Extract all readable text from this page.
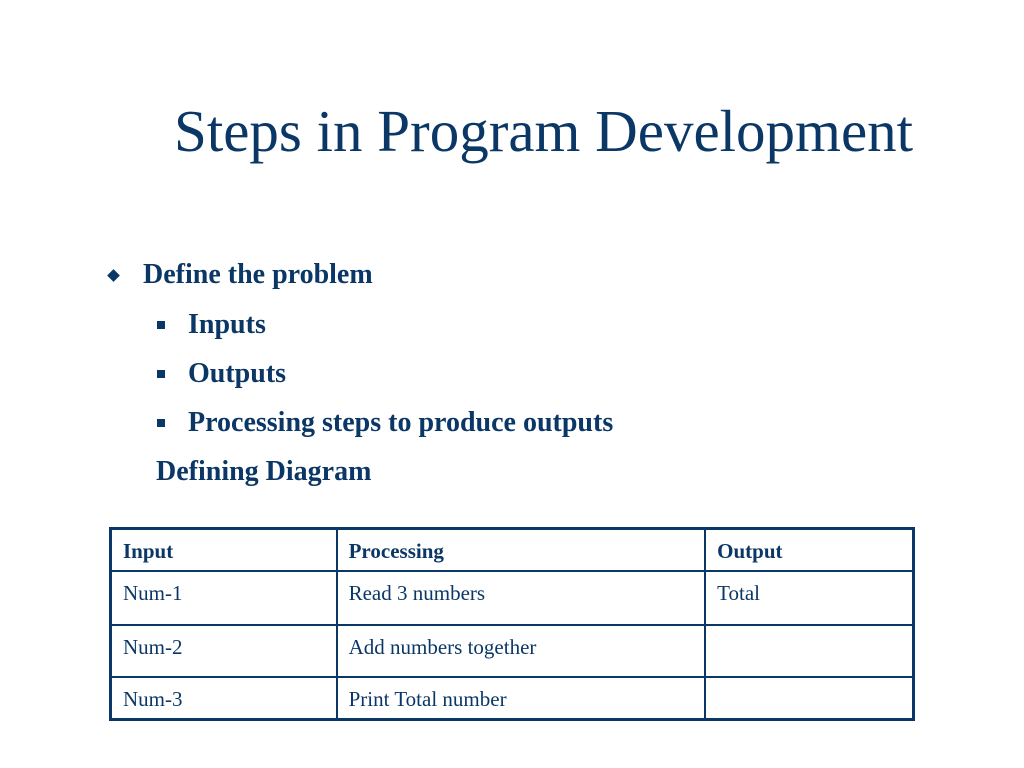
Steps in Program Development
Define the problem
Inputs
Outputs
Processing steps to produce outputs
Defining Diagram
Input	Processing	Output
Num-1	Read 3 numbers	Total
Num-2	Add numbers together	
Num-3	Print Total number	
